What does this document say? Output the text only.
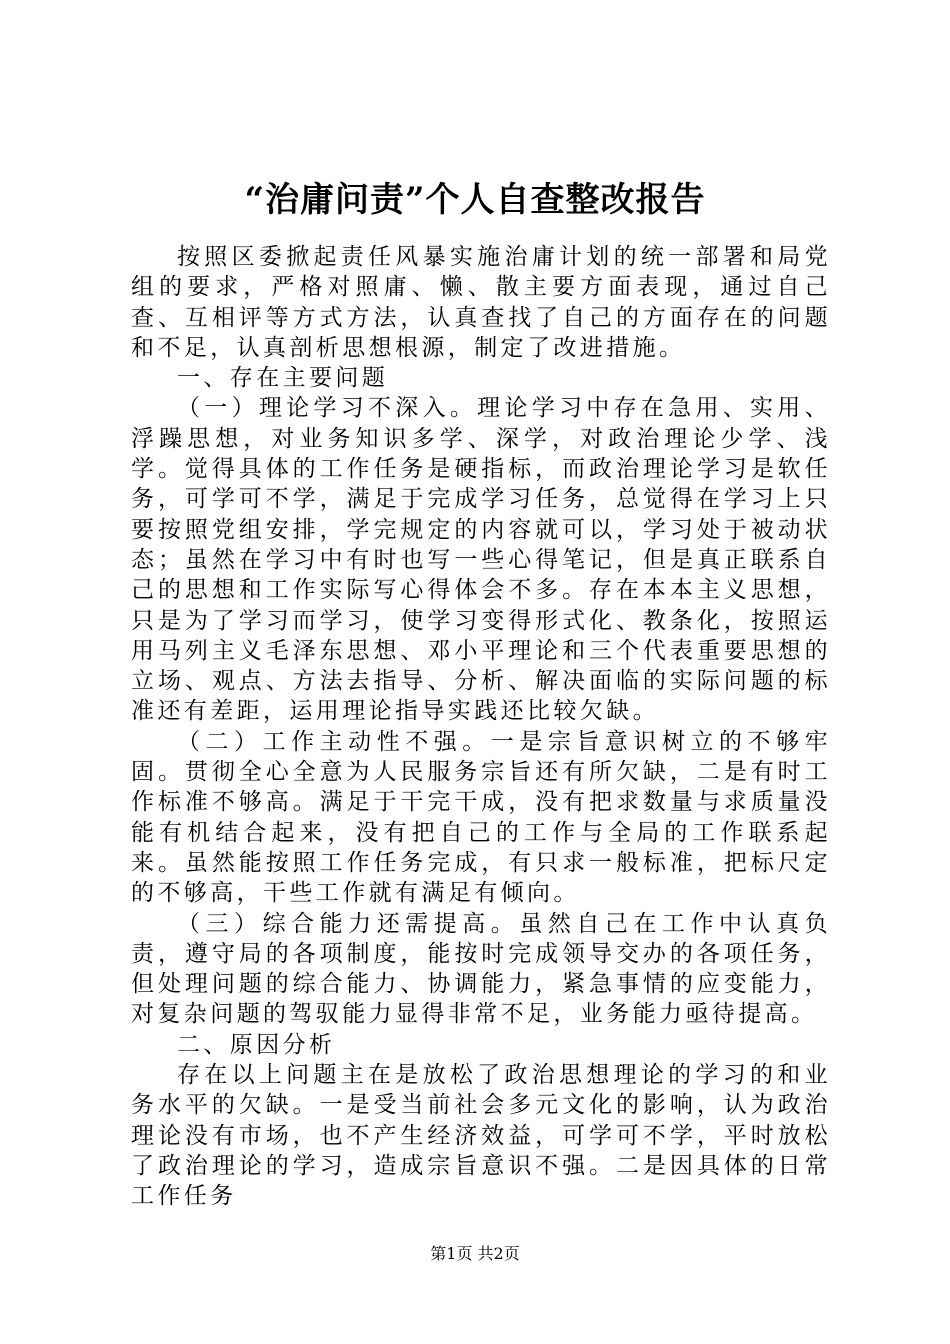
“治庸问责”个人自查整改报告

按照区委掀起责任风暴实施治庸计划的统一部署和局党组的要求，严格对照庸、懒、散主要方面表现，通过自己查、互相评等方式方法，认真查找了自己的方面存在的问题和不足，认真剖析思想根源，制定了改进措施。

一、存在主要问题

（一）理论学习不深入。理论学习中存在急用、实用、浮躁思想，对业务知识多学、深学，对政治理论少学、浅学。觉得具体的工作任务是硬指标，而政治理论学习是软任务，可学可不学，满足于完成学习任务，总觉得在学习上只要按照党组安排，学完规定的内容就可以，学习处于被动状态；虽然在学习中有时也写一些心得笔记，但是真正联系自己的思想和工作实际写心得体会不多。存在本本主义思想，只是为了学习而学习，使学习变得形式化、教条化，按照运用马列主义毛泽东思想、邓小平理论和三个代表重要思想的立场、观点、方法去指导、分析、解决面临的实际问题的标准还有差距，运用理论指导实践还比较欠缺。

（二）工作主动性不强。一是宗旨意识树立的不够牢固。贯彻全心全意为人民服务宗旨还有所欠缺，二是有时工作标准不够高。满足于干完干成，没有把求数量与求质量没能有机结合起来，没有把自己的工作与全局的工作联系起来。虽然能按照工作任务完成，有只求一般标准，把标尺定的不够高，干些工作就有满足有倾向。

（三）综合能力还需提高。虽然自己在工作中认真负责，遵守局的各项制度，能按时完成领导交办的各项任务，但处理问题的综合能力、协调能力，紧急事情的应变能力，对复杂问题的驾驭能力显得非常不足，业务能力亟待提高。

二、原因分析

存在以上问题主在是放松了政治思想理论的学习的和业务水平的欠缺。一是受当前社会多元文化的影响，认为政治理论没有市场，也不产生经济效益，可学可不学，平时放松了政治理论的学习，造成宗旨意识不强。二是因具体的日常工作任务

第1页 共2页
